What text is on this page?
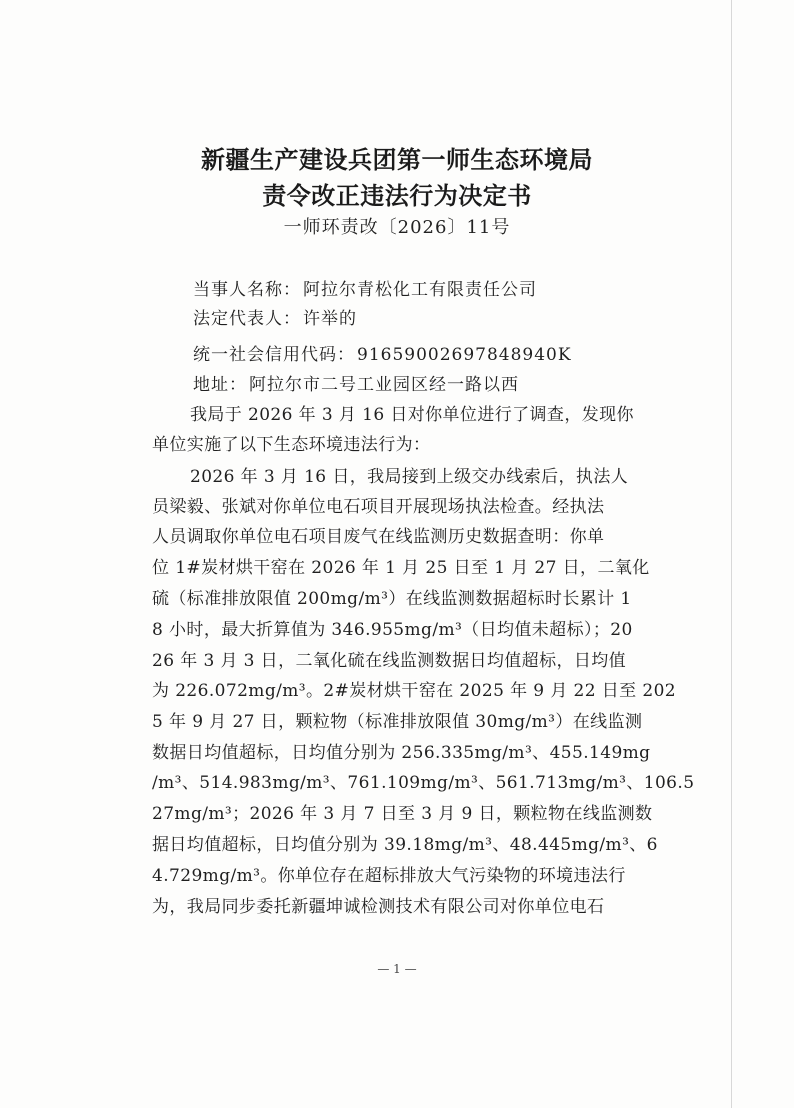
新疆生产建设兵团第一师生态环境局
责令改正违法行为决定书
一师环责改〔2026〕11号
当事人名称： 阿拉尔青松化工有限责任公司
法定代表人： 许举的
统一社会信用代码： 91659002697848940K
地址： 阿拉尔市二号工业园区经一路以西
我局于 2026 年 3 月 16 日对你单位进行了调查，发现你
单位实施了以下生态环境违法行为：
2026 年 3 月 16 日，我局接到上级交办线索后，执法人
员梁毅、张斌对你单位电石项目开展现场执法检查。经执法
人员调取你单位电石项目废气在线监测历史数据查明：你单
位 1#炭材烘干窑在 2026 年 1 月 25 日至 1 月 27 日，二氧化
硫（标准排放限值 200mg/m³）在线监测数据超标时长累计 1
8 小时，最大折算值为 346.955mg/m³（日均值未超标）；20
26 年 3 月 3 日，二氧化硫在线监测数据日均值超标，日均值
为 226.072mg/m³。2#炭材烘干窑在 2025 年 9 月 22 日至 202
5 年 9 月 27 日，颗粒物（标准排放限值 30mg/m³）在线监测
数据日均值超标，日均值分别为 256.335mg/m³、455.149mg
/m³、514.983mg/m³、761.109mg/m³、561.713mg/m³、106.5
27mg/m³；2026 年 3 月 7 日至 3 月 9 日，颗粒物在线监测数
据日均值超标，日均值分别为 39.18mg/m³、48.445mg/m³、6
4.729mg/m³。你单位存在超标排放大气污染物的环境违法行
为，我局同步委托新疆坤诚检测技术有限公司对你单位电石
— 1 —
